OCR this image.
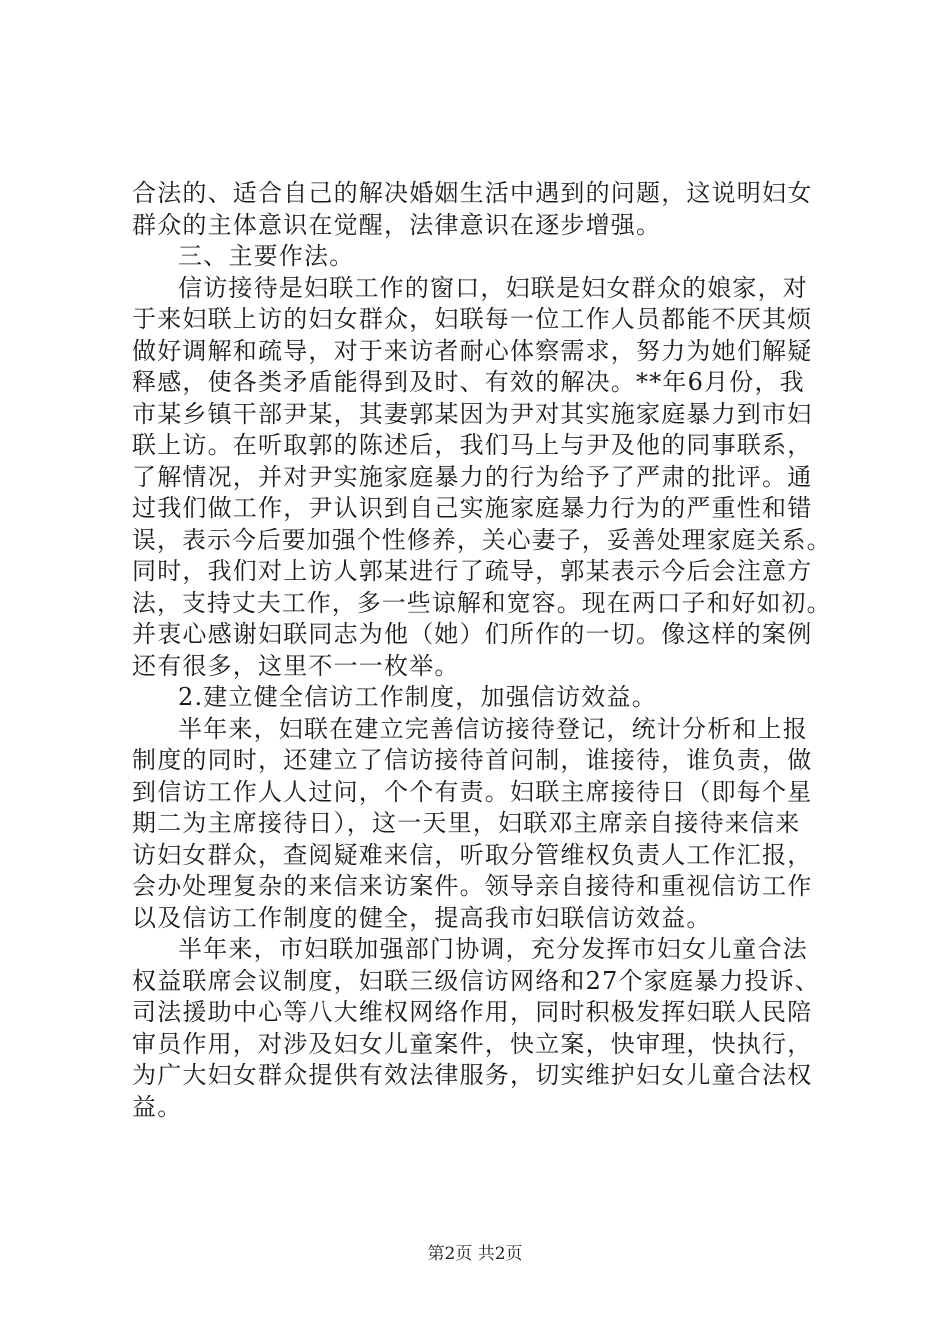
合法的、适合自己的解决婚姻生活中遇到的问题，这说明妇女
群众的主体意识在觉醒，法律意识在逐步增强。
三、主要作法。
信访接待是妇联工作的窗口，妇联是妇女群众的娘家，对
于来妇联上访的妇女群众，妇联每一位工作人员都能不厌其烦
做好调解和疏导，对于来访者耐心体察需求，努力为她们解疑
释感，使各类矛盾能得到及时、有效的解决。**年6月份，我
市某乡镇干部尹某，其妻郭某因为尹对其实施家庭暴力到市妇
联上访。在听取郭的陈述后，我们马上与尹及他的同事联系，
了解情况，并对尹实施家庭暴力的行为给予了严肃的批评。通
过我们做工作，尹认识到自己实施家庭暴力行为的严重性和错
误，表示今后要加强个性修养，关心妻子，妥善处理家庭关系。
同时，我们对上访人郭某进行了疏导，郭某表示今后会注意方
法，支持丈夫工作，多一些谅解和宽容。现在两口子和好如初。
并衷心感谢妇联同志为他（她）们所作的一切。像这样的案例
还有很多，这里不一一枚举。
2.建立健全信访工作制度，加强信访效益。
半年来，妇联在建立完善信访接待登记，统计分析和上报
制度的同时，还建立了信访接待首问制，谁接待，谁负责，做
到信访工作人人过问，个个有责。妇联主席接待日（即每个星
期二为主席接待日），这一天里，妇联邓主席亲自接待来信来
访妇女群众，查阅疑难来信，听取分管维权负责人工作汇报，
会办处理复杂的来信来访案件。领导亲自接待和重视信访工作
以及信访工作制度的健全，提高我市妇联信访效益。
半年来，市妇联加强部门协调，充分发挥市妇女儿童合法
权益联席会议制度，妇联三级信访网络和27个家庭暴力投诉、
司法援助中心等八大维权网络作用，同时积极发挥妇联人民陪
审员作用，对涉及妇女儿童案件，快立案，快审理，快执行，
为广大妇女群众提供有效法律服务，切实维护妇女儿童合法权
益。
第2页 共2页
